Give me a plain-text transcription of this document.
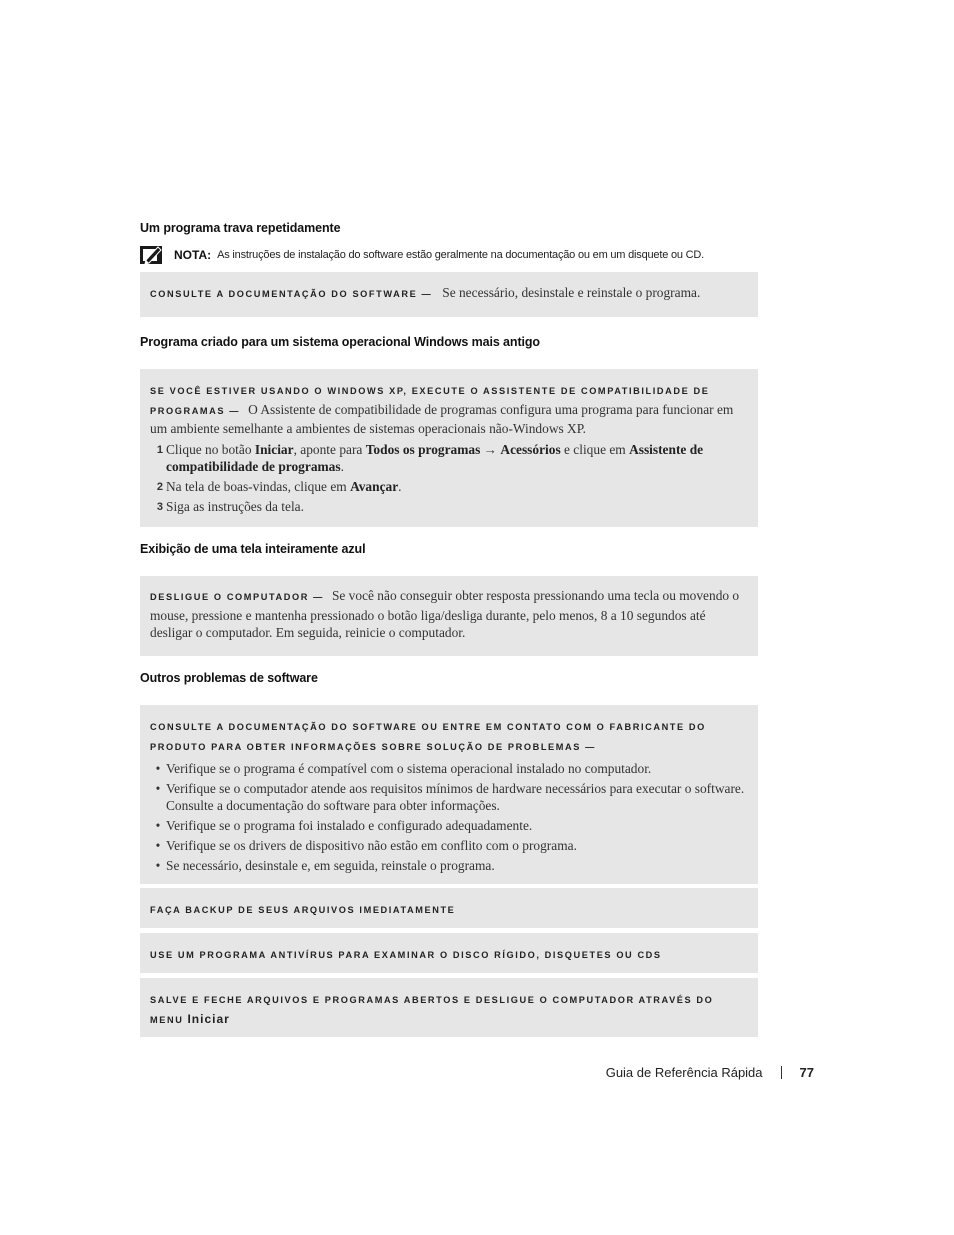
Um programa trava repetidamente
NOTA: As instruções de instalação do software estão geralmente na documentação ou em um disquete ou CD.
CONSULTE A DOCUMENTAÇÃO DO SOFTWARE — Se necessário, desinstale e reinstale o programa.
Programa criado para um sistema operacional Windows mais antigo
SE VOCÊ ESTIVER USANDO O WINDOWS XP, EXECUTE O ASSISTENTE DE COMPATIBILIDADE DE PROGRAMAS — O Assistente de compatibilidade de programas configura uma programa para funcionar em um ambiente semelhante a ambientes de sistemas operacionais não-Windows XP.
1 Clique no botão Iniciar, aponte para Todos os programas → Acessórios e clique em Assistente de compatibilidade de programas.
2 Na tela de boas-vindas, clique em Avançar.
3 Siga as instruções da tela.
Exibição de uma tela inteiramente azul
DESLIGUE O COMPUTADOR — Se você não conseguir obter resposta pressionando uma tecla ou movendo o mouse, pressione e mantenha pressionado o botão liga/desliga durante, pelo menos, 8 a 10 segundos até desligar o computador. Em seguida, reinicie o computador.
Outros problemas de software
CONSULTE A DOCUMENTAÇÃO DO SOFTWARE OU ENTRE EM CONTATO COM O FABRICANTE DO PRODUTO PARA OBTER INFORMAÇÕES SOBRE SOLUÇÃO DE PROBLEMAS —
• Verifique se o programa é compatível com o sistema operacional instalado no computador.
• Verifique se o computador atende aos requisitos mínimos de hardware necessários para executar o software. Consulte a documentação do software para obter informações.
• Verifique se o programa foi instalado e configurado adequadamente.
• Verifique se os drivers de dispositivo não estão em conflito com o programa.
• Se necessário, desinstale e, em seguida, reinstale o programa.
FAÇA BACKUP DE SEUS ARQUIVOS IMEDIATAMENTE
USE UM PROGRAMA ANTIVÍRUS PARA EXAMINAR O DISCO RÍGIDO, DISQUETES OU CDS
SALVE E FECHE ARQUIVOS E PROGRAMAS ABERTOS E DESLIGUE O COMPUTADOR ATRAVÉS DO MENU Iniciar
Guia de Referência Rápida	77
